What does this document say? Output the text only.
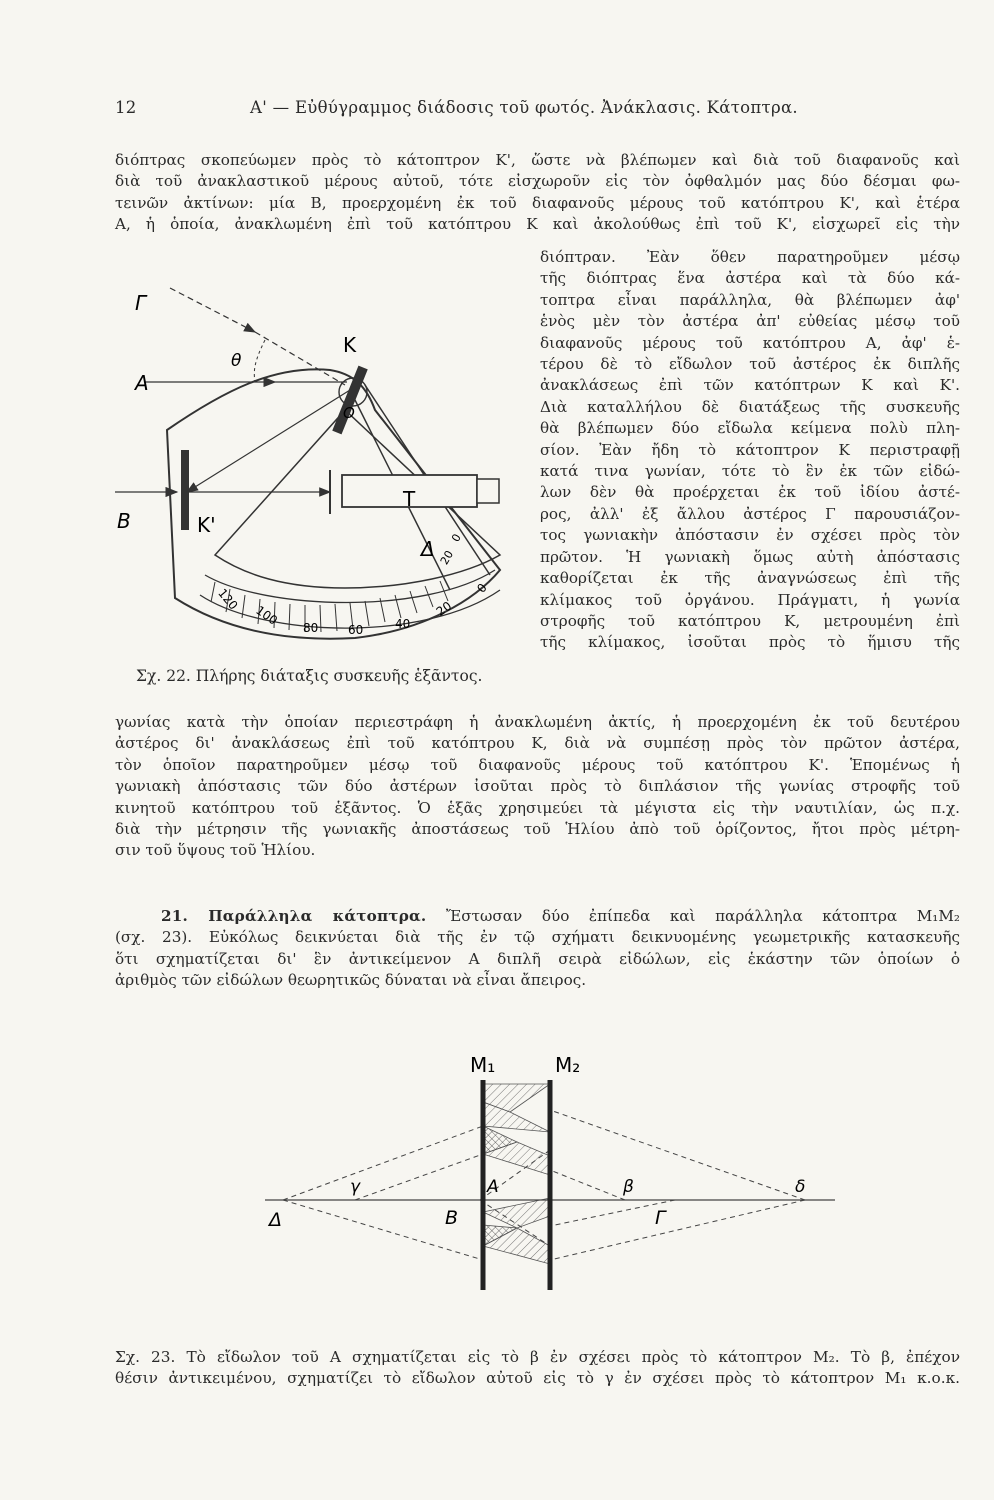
12	Α' — Εὐθύγραμμος διάδοσις τοῦ φωτός. Ἀνάκλασις. Κάτοπτρα.
διόπτρας σκοπεύωμεν πρὸς τὸ κάτοπτρον Κ', ὥστε νὰ βλέπωμεν καὶ διὰ τοῦ διαφανοῦς καὶ
διὰ τοῦ ἀνακλαστικοῦ μέρους αὐτοῦ, τότε εἰσχωροῦν εἰς τὸν ὀφθαλμόν μας δύο δέσμαι φω-
τεινῶν ἀκτίνων: μία Β, προερχομένη ἐκ τοῦ διαφανοῦς μέρους τοῦ κατόπτρου Κ', καὶ ἑτέρα
Α, ἡ ὁποία, ἀνακλωμένη ἐπὶ τοῦ κατόπτρου Κ καὶ ἀκολούθως ἐπὶ τοῦ Κ', εἰσχωρεῖ εἰς τὴν
διόπτραν. Ἐὰν ὅθεν παρατηροῦμεν μέσῳ
τῆς διόπτρας ἕνα ἀστέρα καὶ τὰ δύο κά-
τοπτρα εἶναι παράλληλα, θὰ βλέπωμεν ἀφ'
ἑνὸς μὲν τὸν ἀστέρα ἀπ' εὐθείας μέσῳ τοῦ
διαφανοῦς μέρους τοῦ κατόπτρου Α, ἀφ' ἑ-
τέρου δὲ τὸ εἴδωλον τοῦ ἀστέρος ἐκ διπλῆς
ἀνακλάσεως ἐπὶ τῶν κατόπτρων Κ καὶ Κ'.
Διὰ καταλλήλου δὲ διατάξεως τῆς συσκευῆς
θὰ βλέπωμεν δύο εἴδωλα κείμενα πολὺ πλη-
σίον. Ἐὰν ἤδη τὸ κάτοπτρον Κ περιστραφῇ
κατά τινα γωνίαν, τότε τὸ ἓν ἐκ τῶν εἰδώ-
λων δὲν θὰ προέρχεται ἐκ τοῦ ἰδίου ἀστέ-
ρος, ἀλλ' ἐξ ἄλλου ἀστέρος Γ παρουσιάζον-
τος γωνιακὴν ἀπόστασιν ἐν σχέσει πρὸς τὸν
πρῶτον. Ἡ γωνιακὴ ὅμως αὐτὴ ἀπόστασις
καθορίζεται ἐκ τῆς ἀναγνώσεως ἐπὶ τῆς
κλίμακος τοῦ ὀργάνου. Πράγματι, ἡ γωνία
στροφῆς τοῦ κατόπτρου Κ, μετρουμένη ἐπὶ
τῆς κλίμακος, ἰσοῦται πρὸς τὸ ἥμισυ τῆς
Γ
Α
Β
θ
K
O
K'
T
Δ 20
0
120
100
80 60	40
20
0
Σχ. 22. Πλήρης διάταξις συσκευῆς ἑξᾶντος.
γωνίας κατὰ τὴν ὁποίαν περιεστράφη ἡ ἀνακλωμένη ἀκτίς, ἡ προερχομένη ἐκ τοῦ δευτέρου
ἀστέρος δι' ἀνακλάσεως ἐπὶ τοῦ κατόπτρου Κ, διὰ νὰ συμπέσῃ πρὸς τὸν πρῶτον ἀστέρα,
τὸν ὁποῖον παρατηροῦμεν μέσῳ τοῦ διαφανοῦς μέρους τοῦ κατόπτρου Κ'. Ἑπομένως ἡ
γωνιακὴ ἀπόστασις τῶν δύο ἀστέρων ἰσοῦται πρὸς τὸ διπλάσιον τῆς γωνίας στροφῆς τοῦ
κινητοῦ κατόπτρου τοῦ ἑξᾶντος. Ὁ ἑξᾶς χρησιμεύει τὰ μέγιστα εἰς τὴν ναυτιλίαν, ὡς π.χ.
διὰ τὴν μέτρησιν τῆς γωνιακῆς ἀποστάσεως τοῦ Ἡλίου ἀπὸ τοῦ ὁρίζοντος, ἤτοι πρὸς μέτρη-
σιν τοῦ ὕψους τοῦ Ἡλίου.
21. Παράλληλα κάτοπτρα. Ἔστωσαν δύο ἐπίπεδα καὶ παράλληλα κάτοπτρα Μ₁Μ₂
(σχ. 23). Εὐκόλως δεικνύεται διὰ τῆς ἐν τῷ σχήματι δεικνυομένης γεωμετρικῆς κατασκευῆς
ὅτι σχηματίζεται δι' ἓν ἀντικείμενον Α διπλῆ σειρὰ εἰδώλων, εἰς ἑκάστην τῶν ὁποίων ὁ
ἀριθμὸς τῶν εἰδώλων θεωρητικῶς δύναται νὰ εἶναι ἄπειρος.
M₁	M₂
γ	A	β	δ
Δ	B	Γ
Σχ. 23. Τὸ εἴδωλον τοῦ Α σχηματίζεται εἰς τὸ β ἐν σχέσει πρὸς τὸ κάτοπτρον Μ₂. Τὸ β, ἐπέχον
θέσιν ἀντικειμένου, σχηματίζει τὸ εἴδωλον αὐτοῦ εἰς τὸ γ ἐν σχέσει πρὸς τὸ κάτοπτρον Μ₁ κ.ο.κ.
